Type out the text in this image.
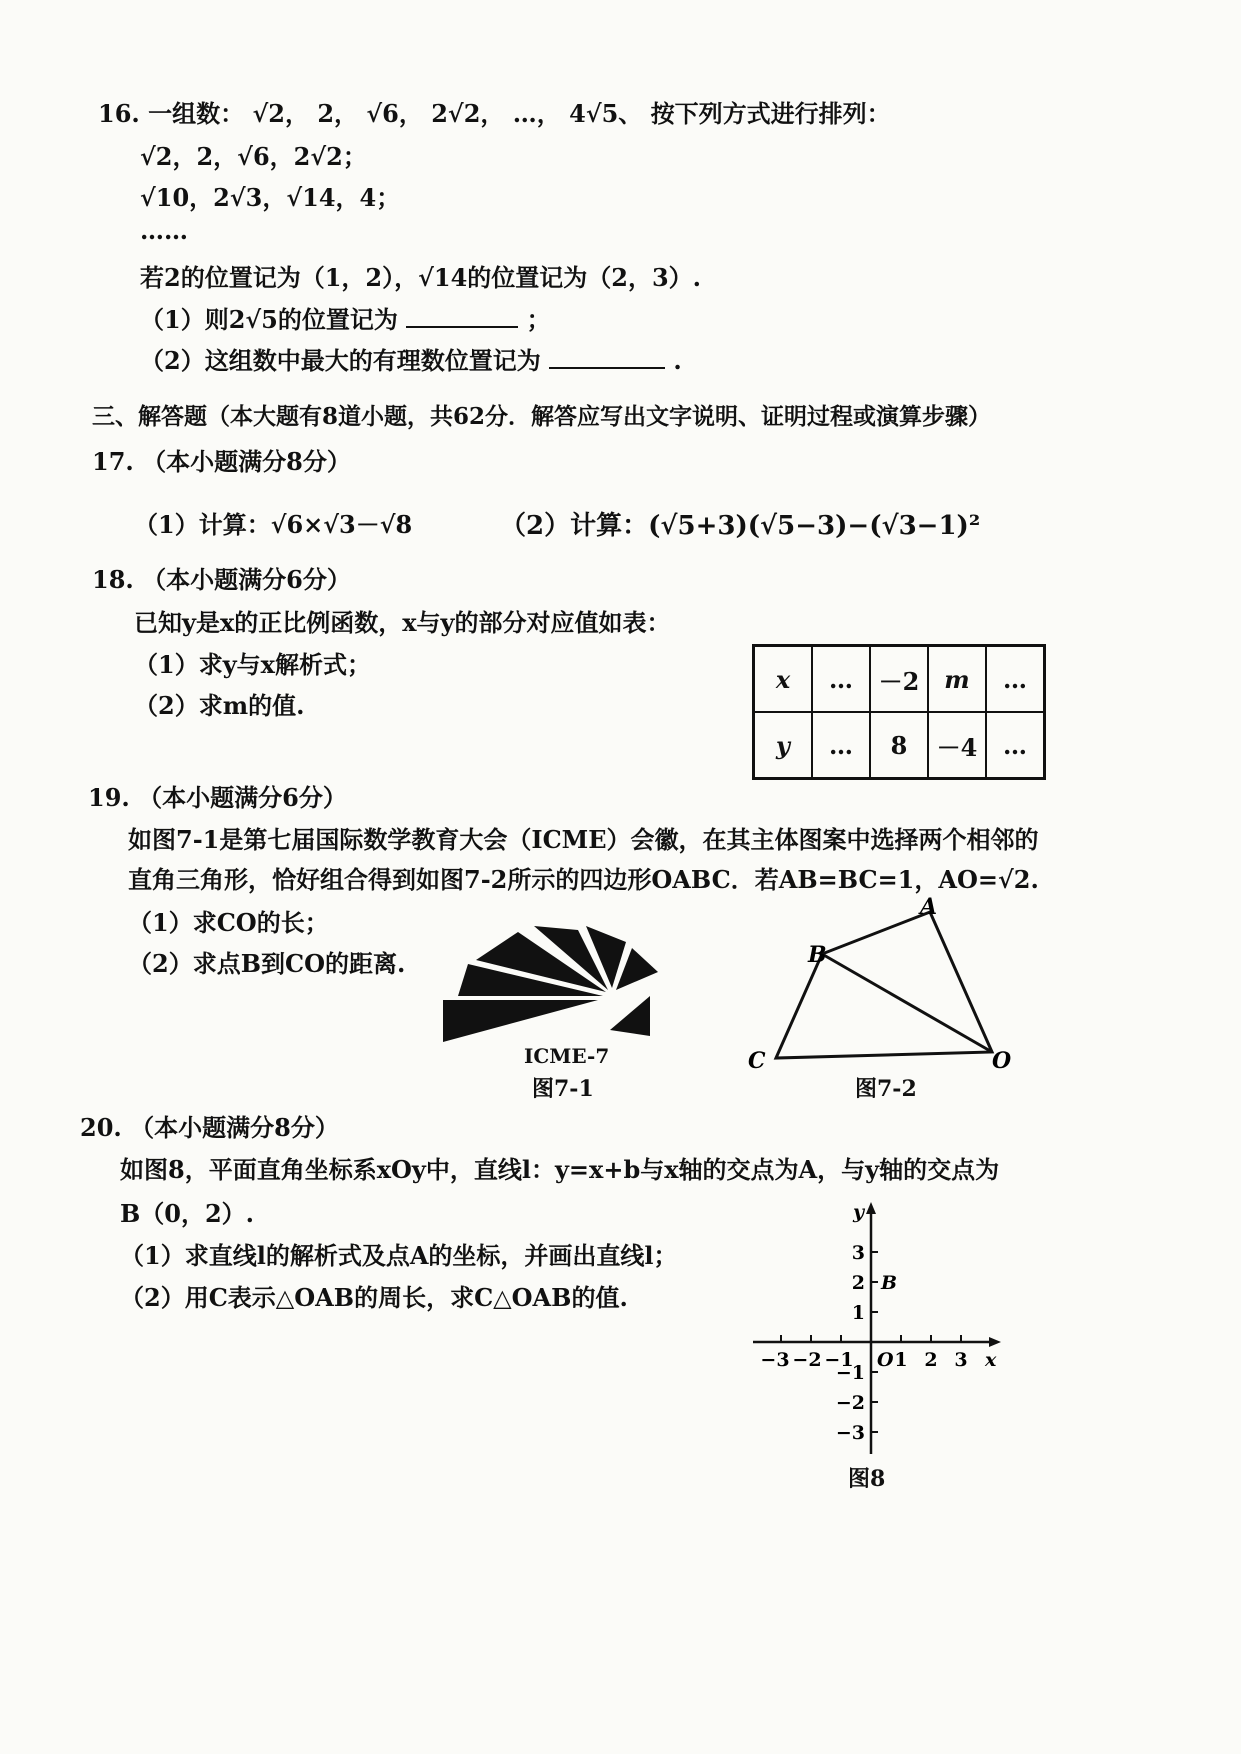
16. 一组数： √2， 2， √6， 2√2， …， 4√5、 按下列方式进行排列：
√2，2，√6，2√2；
√10，2√3，√14，4；
……
若2的位置记为（1，2），√14的位置记为（2，3）.
（1）则2√5的位置记为	；
（2）这组数中最大的有理数位置记为	.
三、解答题（本大题有8道小题，共62分．解答应写出文字说明、证明过程或演算步骤）
17. （本小题满分8分）
（1）计算：√6×√3－√8	（2）计算：(√5+3)(√5−3)−(√3−1)²
18. （本小题满分6分）
已知y是x的正比例函数，x与y的部分对应值如表：
（1）求y与x解析式；
（2）求m的值.
x	…	－2	m	…
y	…	8	－4	…
19. （本小题满分6分）
如图7-1是第七届国际数学教育大会（ICME）会徽，在其主体图案中选择两个相邻的
直角三角形，恰好组合得到如图7-2所示的四边形OABC．若AB=BC=1，AO=√2.
（1）求CO的长；
（2）求点B到CO的距离.
ICME-7
图7-1
A
B
C	O
图7-2
20. （本小题满分8分）
如图8，平面直角坐标系xOy中，直线l：y=x+b与x轴的交点为A，与y轴的交点为
B（0，2）.
（1）求直线l的解析式及点A的坐标，并画出直线l；
（2）用C表示△OAB的周长，求C△OAB的值.
−3 −2 −1 1 2 3
3
2
1
−1
−2
−3
O
B
x
y
图8
